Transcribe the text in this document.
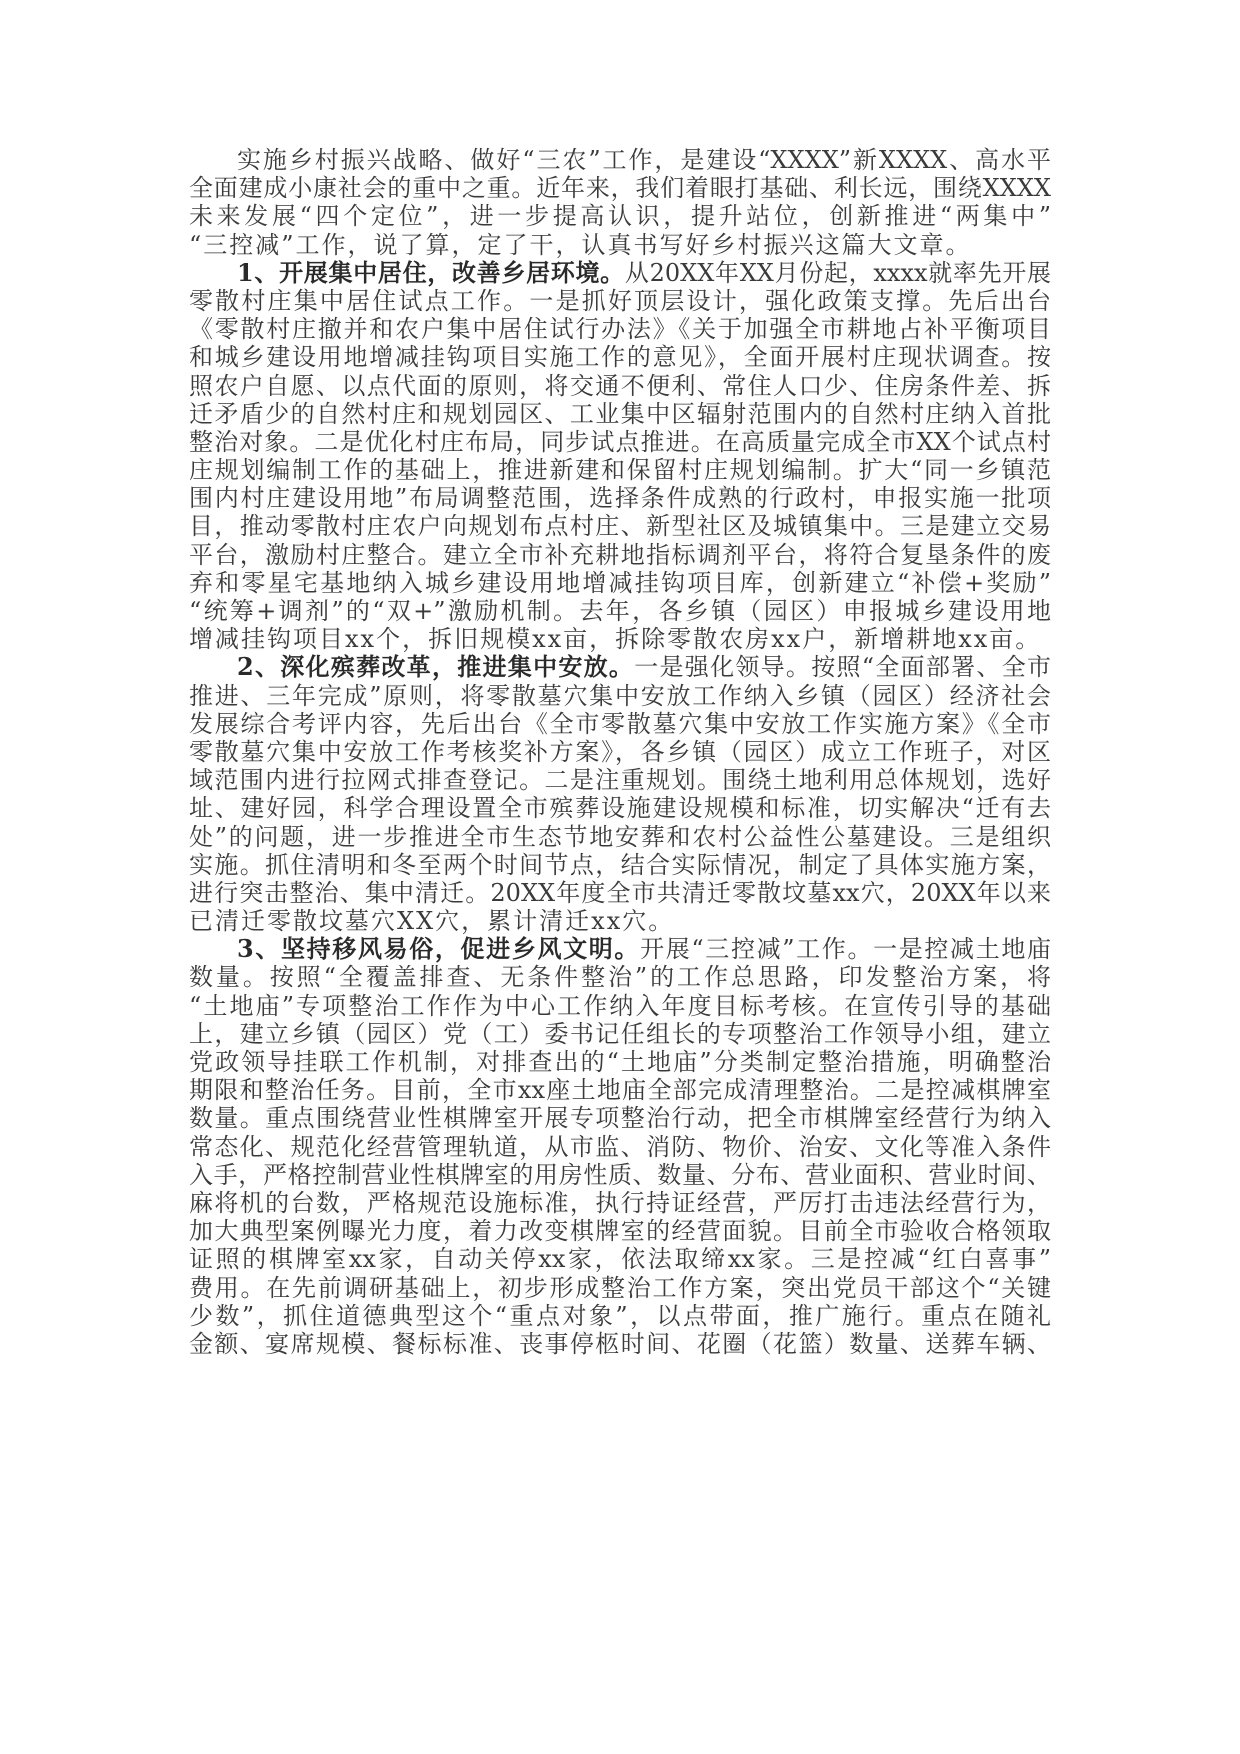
实施乡村振兴战略、做好“三农”工作，是建设“XXXX”新XXXX、高水平
全面建成小康社会的重中之重。近年来，我们着眼打基础、利长远，围绕XXXX
未来发展“四个定位”，进一步提高认识，提升站位，创新推进“两集中”
“三控减”工作，说了算，定了干，认真书写好乡村振兴这篇大文章。
1、开展集中居住，改善乡居环境。从20XX年XX月份起，xxxx就率先开展
零散村庄集中居住试点工作。一是抓好顶层设计，强化政策支撑。先后出台
《零散村庄撤并和农户集中居住试行办法》《关于加强全市耕地占补平衡项目
和城乡建设用地增减挂钩项目实施工作的意见》，全面开展村庄现状调查。按
照农户自愿、以点代面的原则，将交通不便利、常住人口少、住房条件差、拆
迁矛盾少的自然村庄和规划园区、工业集中区辐射范围内的自然村庄纳入首批
整治对象。二是优化村庄布局，同步试点推进。在高质量完成全市XX个试点村
庄规划编制工作的基础上，推进新建和保留村庄规划编制。扩大“同一乡镇范
围内村庄建设用地”布局调整范围，选择条件成熟的行政村，申报实施一批项
目，推动零散村庄农户向规划布点村庄、新型社区及城镇集中。三是建立交易
平台，激励村庄整合。建立全市补充耕地指标调剂平台，将符合复垦条件的废
弃和零星宅基地纳入城乡建设用地增减挂钩项目库，创新建立“补偿+奖励”
“统筹+调剂”的“双+”激励机制。去年，各乡镇（园区）申报城乡建设用地
增减挂钩项目xx个，拆旧规模xx亩，拆除零散农房xx户，新增耕地xx亩。
2、深化殡葬改革，推进集中安放。一是强化领导。按照“全面部署、全市
推进、三年完成”原则，将零散墓穴集中安放工作纳入乡镇（园区）经济社会
发展综合考评内容，先后出台《全市零散墓穴集中安放工作实施方案》《全市
零散墓穴集中安放工作考核奖补方案》，各乡镇（园区）成立工作班子，对区
域范围内进行拉网式排查登记。二是注重规划。围绕土地利用总体规划，选好
址、建好园，科学合理设置全市殡葬设施建设规模和标准，切实解决“迁有去
处”的问题，进一步推进全市生态节地安葬和农村公益性公墓建设。三是组织
实施。抓住清明和冬至两个时间节点，结合实际情况，制定了具体实施方案，
进行突击整治、集中清迁。20XX年度全市共清迁零散坟墓xx穴，20XX年以来
已清迁零散坟墓穴XX穴，累计清迁xx穴。
3、坚持移风易俗，促进乡风文明。开展“三控减”工作。一是控减土地庙
数量。按照“全覆盖排查、无条件整治”的工作总思路，印发整治方案，将
“土地庙”专项整治工作作为中心工作纳入年度目标考核。在宣传引导的基础
上，建立乡镇（园区）党（工）委书记任组长的专项整治工作领导小组，建立
党政领导挂联工作机制，对排查出的“土地庙”分类制定整治措施，明确整治
期限和整治任务。目前，全市xx座土地庙全部完成清理整治。二是控减棋牌室
数量。重点围绕营业性棋牌室开展专项整治行动，把全市棋牌室经营行为纳入
常态化、规范化经营管理轨道，从市监、消防、物价、治安、文化等准入条件
入手，严格控制营业性棋牌室的用房性质、数量、分布、营业面积、营业时间、
麻将机的台数，严格规范设施标准，执行持证经营，严厉打击违法经营行为，
加大典型案例曝光力度，着力改变棋牌室的经营面貌。目前全市验收合格领取
证照的棋牌室xx家，自动关停xx家，依法取缔xx家。三是控减“红白喜事”
费用。在先前调研基础上，初步形成整治工作方案，突出党员干部这个“关键
少数”，抓住道德典型这个“重点对象”，以点带面，推广施行。重点在随礼
金额、宴席规模、餐标标准、丧事停柩时间、花圈（花篮）数量、送葬车辆、
